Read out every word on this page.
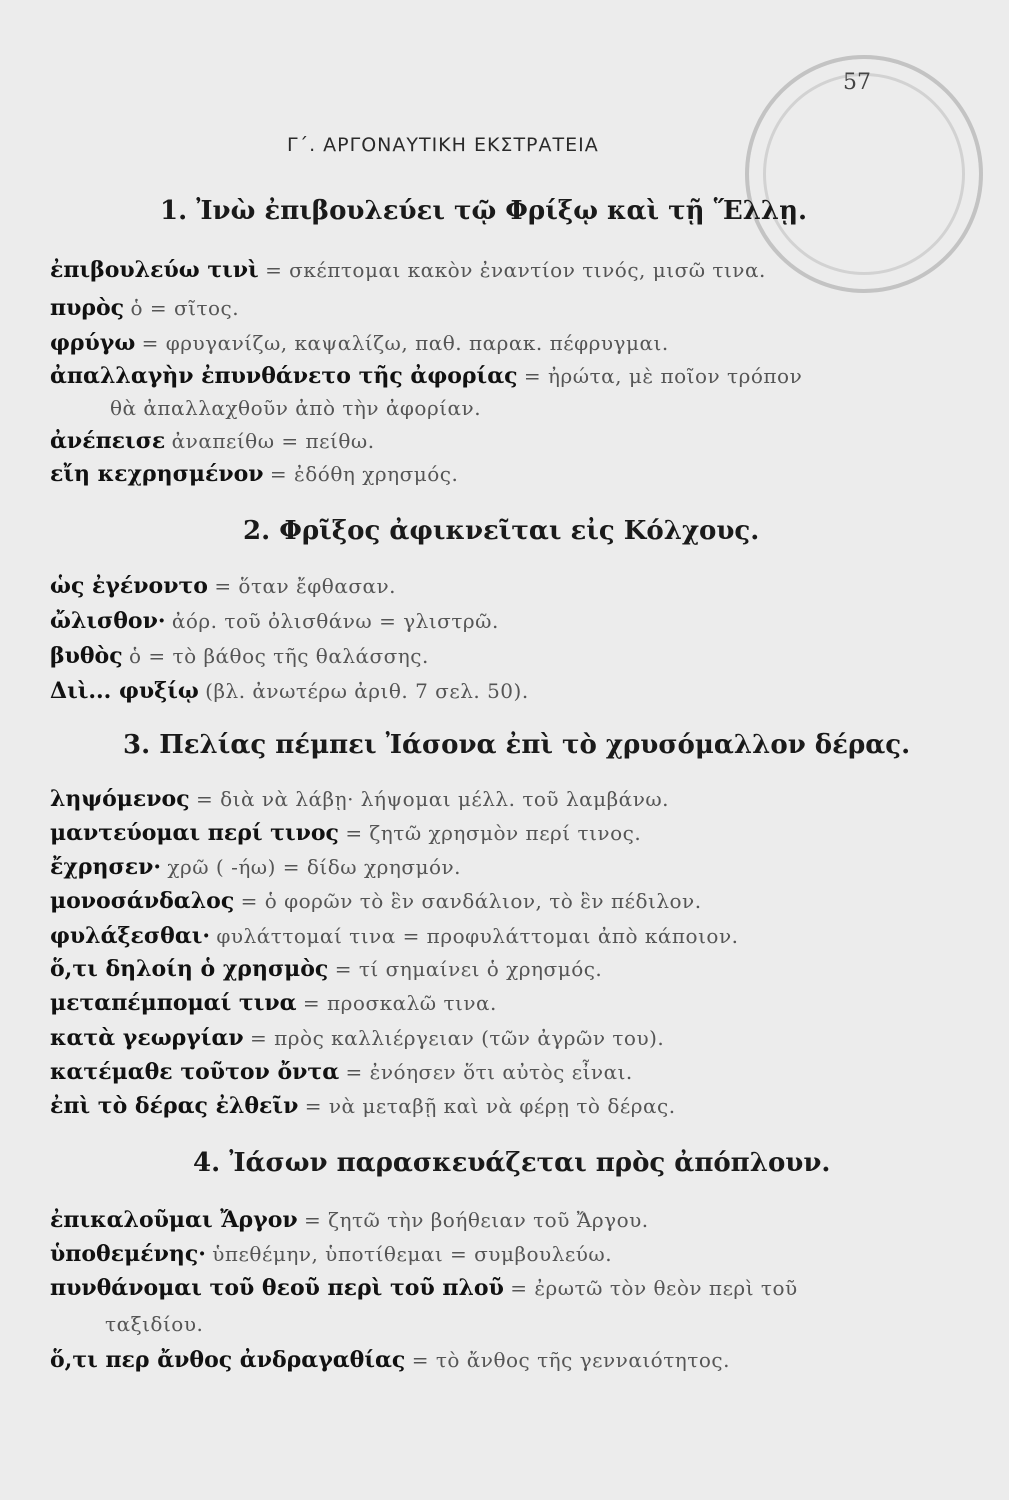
57
Γ΄. ΑΡΓΟΝΑΥΤΙΚΗ ΕΚΣΤΡΑΤΕΙΑ
1. Ἰνὼ ἐπιβουλεύει τῷ Φρίξῳ καὶ τῇ Ἕλλῃ.
ἐπιβουλεύω τινὶ = σκέπτομαι κακὸν ἐναντίον τινός, μισῶ τινα.
πυρὸς ὁ = σῖτος.
φρύγω = φρυγανίζω, καψαλίζω, παθ. παρακ. πέφρυγμαι.
ἀπαλλαγὴν ἐπυνθάνετο τῆς ἀφορίας = ἠρώτα, μὲ ποῖον τρόπον
θὰ ἀπαλλαχθοῦν ἀπὸ τὴν ἀφορίαν.
ἀνέπεισε ἀναπείθω = πείθω.
εἴη κεχρησμένον = ἐδόθη χρησμός.
2. Φρῖξος ἀφικνεῖται εἰς Κόλχους.
ὡς ἐγένοντο = ὅταν ἔφθασαν.
ὤλισθον· ἀόρ. τοῦ ὀλισθάνω = γλιστρῶ.
βυθὸς ὁ = τὸ βάθος τῆς θαλάσσης.
Διὶ... φυξίῳ (βλ. ἀνωτέρω ἀριθ. 7 σελ. 50).
3. Πελίας πέμπει Ἰάσονα ἐπὶ τὸ χρυσόμαλλον δέρας.
ληψόμενος = διὰ νὰ λάβῃ· λήψομαι μέλλ. τοῦ λαμβάνω.
μαντεύομαι περί τινος = ζητῶ χρησμὸν περί τινος.
ἔχρησεν· χρῶ ( -ήω) = δίδω χρησμόν.
μονοσάνδαλος = ὁ φορῶν τὸ ἓν σανδάλιον, τὸ ἓν πέδιλον.
φυλάξεσθαι· φυλάττομαί τινα = προφυλάττομαι ἀπὸ κάποιον.
ὅ,τι δηλοίη ὁ χρησμὸς = τί σημαίνει ὁ χρησμός.
μεταπέμπομαί τινα = προσκαλῶ τινα.
κατὰ γεωργίαν = πρὸς καλλιέργειαν (τῶν ἀγρῶν του).
κατέμαθε τοῦτον ὄντα = ἐνόησεν ὅτι αὐτὸς εἶναι.
ἐπὶ τὸ δέρας ἐλθεῖν = νὰ μεταβῇ καὶ νὰ φέρῃ τὸ δέρας.
4. Ἰάσων παρασκευάζεται πρὸς ἀπόπλουν.
ἐπικαλοῦμαι Ἄργον = ζητῶ τὴν βοήθειαν τοῦ Ἄργου.
ὑποθεμένης· ὑπεθέμην, ὑποτίθεμαι = συμβουλεύω.
πυνθάνομαι τοῦ θεοῦ περὶ τοῦ πλοῦ = ἐρωτῶ τὸν θεὸν περὶ τοῦ
ταξιδίου.
ὅ,τι περ ἄνθος ἀνδραγαθίας = τὸ ἄνθος τῆς γενναιότητος.
